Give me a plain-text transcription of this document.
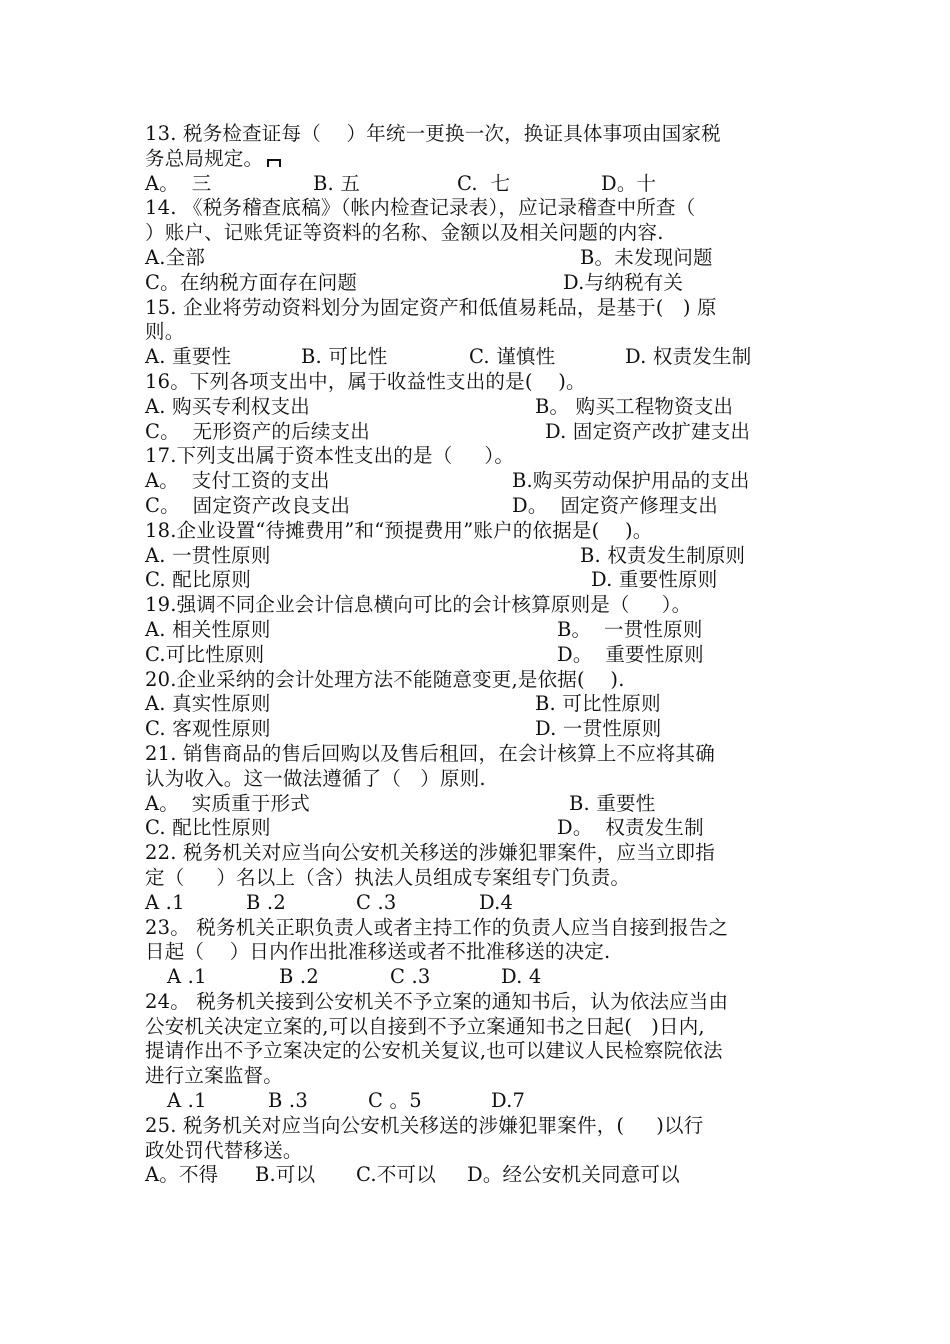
13. 税务检查证每（    ）年统一更换一次，换证具体事项由国家税
务总局规定。

A。  三

	B. 五

	C.  七

	D。十

14. 《税务稽查底稿》（帐内检查记录表），应记录稽查中所查（
）账户、记账凭证等资料的名称、金额以及相关问题的内容.

A.全部

	B。未发现问题

C。在纳税方面存在问题

	D.与纳税有关

15. 企业将劳动资料划分为固定资产和低值易耗品，是基于(   ) 原
则。

A. 重要性

	B. 可比性

	C. 谨慎性

	D. 权责发生制

16。下列各项支出中，属于收益性支出的是(    )。

A. 购买专利权支出

	B。 购买工程物资支出

C。  无形资产的后续支出

	D. 固定资产改扩建支出

17.下列支出属于资本性支出的是（     ）。

A。  支付工资的支出

	B.购买劳动保护用品的支出

C。  固定资产改良支出

	D。  固定资产修理支出

18.企业设置“待摊费用”和“预提费用”账户的依据是(    )。

A. 一贯性原则

	B. 权责发生制原则

C. 配比原则

	D. 重要性原则

19.强调不同企业会计信息横向可比的会计核算原则是（     ）。

A. 相关性原则

	B。  一贯性原则

C.可比性原则

	D。  重要性原则

20.企业采纳的会计处理方法不能随意变更,是依据(    ).

A. 真实性原则

	B. 可比性原则

C. 客观性原则

	D. 一贯性原则

21. 销售商品的售后回购以及售后租回，在会计核算上不应将其确
认为收入。这一做法遵循了（   ）原则.

A。  实质重于形式

	B. 重要性

C. 配比性原则

	D。  权责发生制

22. 税务机关对应当向公安机关移送的涉嫌犯罪案件，应当立即指
定（     ）名以上（含）执法人员组成专案组专门负责。

A .1

	B .2

	C .3

	D.4

23。 税务机关正职负责人或者主持工作的负责人应当自接到报告之
日起（    ）日内作出批准移送或者不批准移送的决定.

A .1

	B .2

	C .3

	D. 4

24。 税务机关接到公安机关不予立案的通知书后，认为依法应当由
公安机关决定立案的,可以自接到不予立案通知书之日起(   )日内,
提请作出不予立案决定的公安机关复议,也可以建议人民检察院依法
进行立案监督。

A .1

	B .3

	C 。5

	D.7

25. 税务机关对应当向公安机关移送的涉嫌犯罪案件，(     )以行
政处罚代替移送。

A。不得

B.可以

C.不可以

D。经公安机关同意可以
